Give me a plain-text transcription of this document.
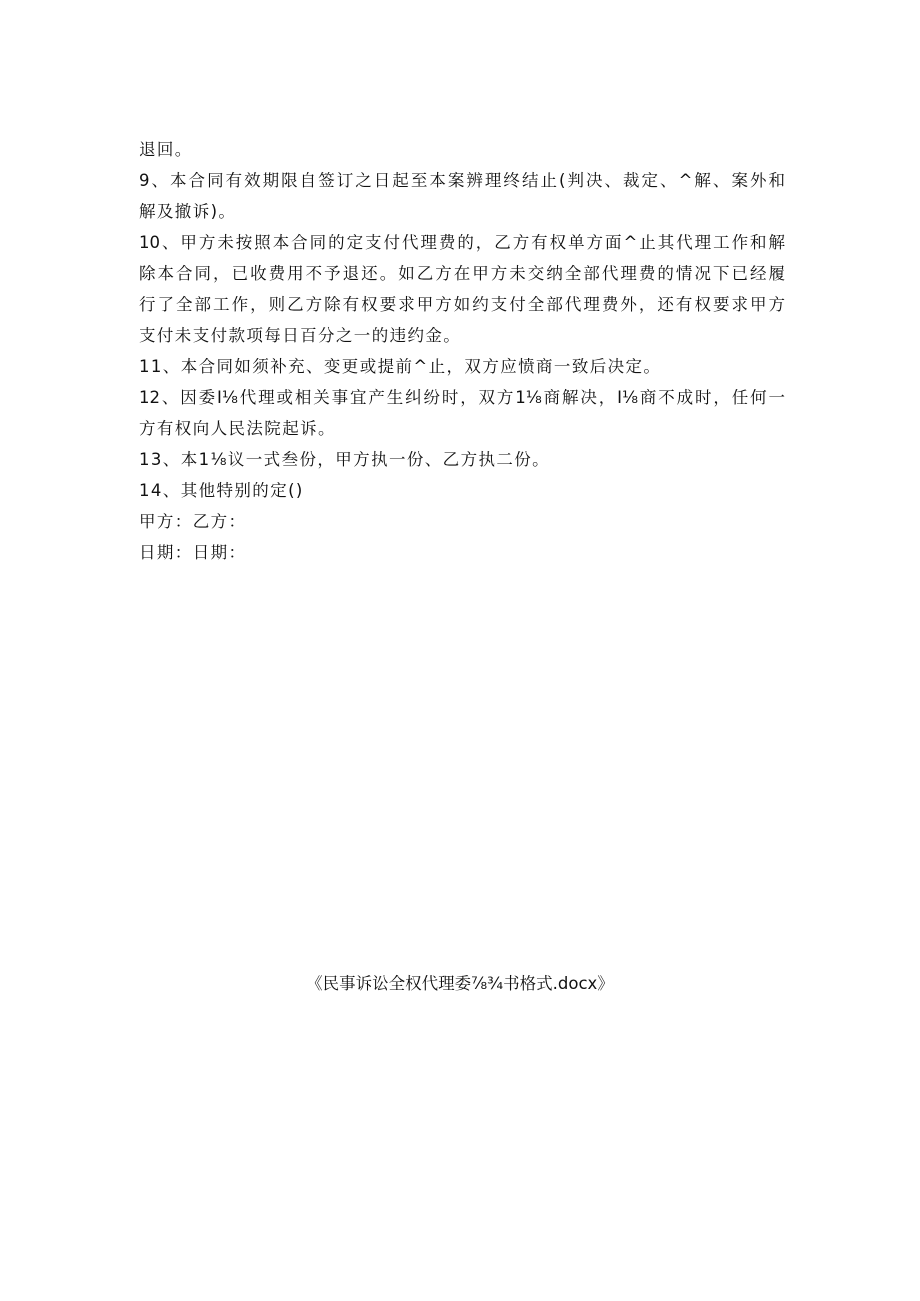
退回。
9、本合同有效期限自签订之日起至本案辨理终结止(判决、裁定、^解、案外和
解及撤诉)。
10、甲方未按照本合同的定支付代理费的，乙方有权单方面^止其代理工作和解
除本合同，已收费用不予退还。如乙方在甲方未交纳全部代理费的情况下已经履
行了全部工作，则乙方除有权要求甲方如约支付全部代理费外，还有权要求甲方
支付未支付款项每日百分之一的违约金。
11、本合同如须补充、变更或提前^止，双方应愤商一致后决定。
12、因委I⅛代理或相关事宜产生纠纷时，双方1⅛商解决，I⅛商不成时，任何一
方有权向人民法院起诉。
13、本1⅛议一式叁份，甲方执一份、乙方执二份。
14、其他特别的定()
甲方：乙方：
日期：日期：
《民事诉讼全权代理委⅞¾书格式.docx》
